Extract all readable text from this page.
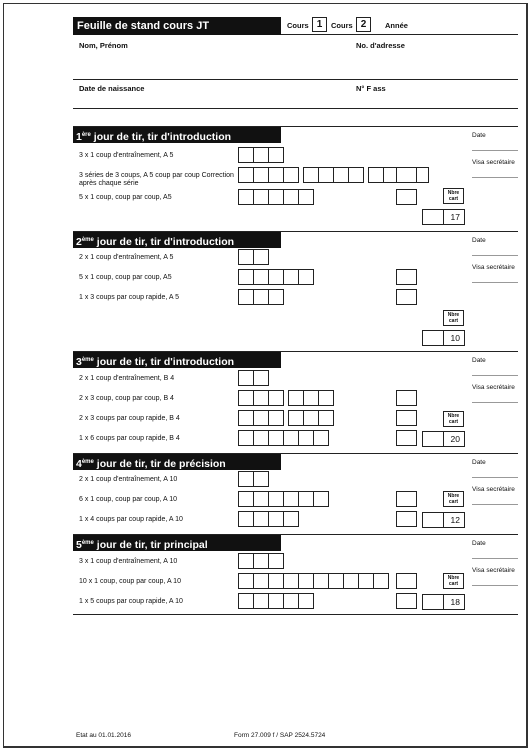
Feuille de stand cours JT	Cours 1	Cours 2	Année
Nom, Prénom	No. d'adresse
Date de naissance	N° F ass
1ère jour de tir, tir d'introduction	Date
Visa secrétaire
3 x 1 coup d'entraînement, A 5
3 séries de 3 coups, A 5 coup par coup Correction après chaque série
5 x 1 coup, coup par coup, A5
Nbre
cart
17
2ème jour de tir, tir d'introduction	Date
Visa secrétaire
2 x 1 coup d'entraînement, A 5
5 x 1 coup, coup par coup, A5
1 x 3 coups par coup rapide, A 5
Nbre
cart
10
3ème jour de tir, tir d'introduction	Date
Visa secrétaire
2 x 1 coup d'entraînement, B 4
2 x 3 coup, coup par coup, B 4
2 x 3 coups par coup rapide, B 4
1 x 6 coups par coup rapide, B 4
Nbre
cart
20
4ème jour de tir, tir de précision	Date
Visa secrétaire
2 x 1 coup d'entraînement, A 10
6 x 1 coup, coup par coup, A 10
1 x 4 coups par coup rapide, A 10
Nbre
cart
12
5ème jour de tir, tir principal	Date
Visa secrétaire
3 x 1 coup d'entraînement, A 10
10 x 1 coup, coup par coup, A 10
1 x 5 coups par coup rapide, A 10
Nbre
cart
18
Etat au 01.01.2016	Form 27.009 f / SAP 2524.5724
